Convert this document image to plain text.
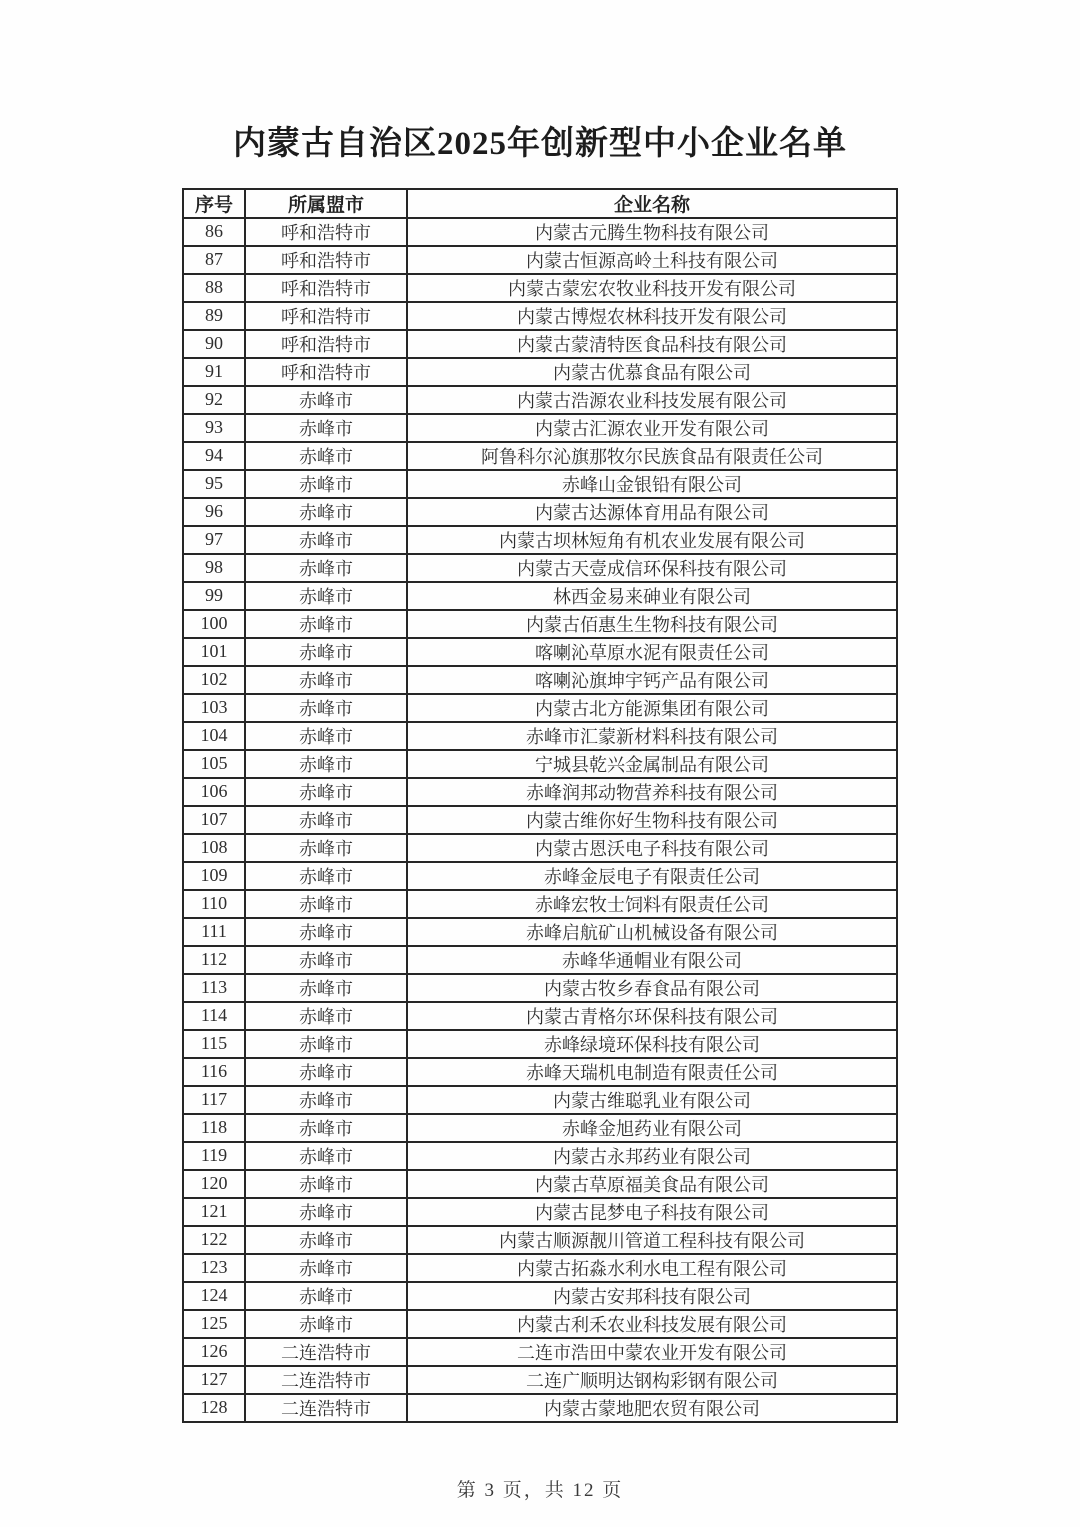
内蒙古自治区2025年创新型中小企业名单
序号	所属盟市	企业名称
86	呼和浩特市	内蒙古元腾生物科技有限公司
87	呼和浩特市	内蒙古恒源高岭土科技有限公司
88	呼和浩特市	内蒙古蒙宏农牧业科技开发有限公司
89	呼和浩特市	内蒙古博煜农林科技开发有限公司
90	呼和浩特市	内蒙古蒙清特医食品科技有限公司
91	呼和浩特市	内蒙古优慕食品有限公司
92	赤峰市	内蒙古浩源农业科技发展有限公司
93	赤峰市	内蒙古汇源农业开发有限公司
94	赤峰市	阿鲁科尔沁旗那牧尔民族食品有限责任公司
95	赤峰市	赤峰山金银铅有限公司
96	赤峰市	内蒙古达源体育用品有限公司
97	赤峰市	内蒙古坝林短角有机农业发展有限公司
98	赤峰市	内蒙古天壹成信环保科技有限公司
99	赤峰市	林西金易来砷业有限公司
100	赤峰市	内蒙古佰惠生生物科技有限公司
101	赤峰市	喀喇沁草原水泥有限责任公司
102	赤峰市	喀喇沁旗坤宇钙产品有限公司
103	赤峰市	内蒙古北方能源集团有限公司
104	赤峰市	赤峰市汇蒙新材料科技有限公司
105	赤峰市	宁城县乾兴金属制品有限公司
106	赤峰市	赤峰润邦动物营养科技有限公司
107	赤峰市	内蒙古维你好生物科技有限公司
108	赤峰市	内蒙古恩沃电子科技有限公司
109	赤峰市	赤峰金辰电子有限责任公司
110	赤峰市	赤峰宏牧士饲料有限责任公司
111	赤峰市	赤峰启航矿山机械设备有限公司
112	赤峰市	赤峰华通帽业有限公司
113	赤峰市	内蒙古牧乡春食品有限公司
114	赤峰市	内蒙古青格尔环保科技有限公司
115	赤峰市	赤峰绿境环保科技有限公司
116	赤峰市	赤峰天瑞机电制造有限责任公司
117	赤峰市	内蒙古维聪乳业有限公司
118	赤峰市	赤峰金旭药业有限公司
119	赤峰市	内蒙古永邦药业有限公司
120	赤峰市	内蒙古草原福美食品有限公司
121	赤峰市	内蒙古昆梦电子科技有限公司
122	赤峰市	内蒙古顺源靓川管道工程科技有限公司
123	赤峰市	内蒙古拓淼水利水电工程有限公司
124	赤峰市	内蒙古安邦科技有限公司
125	赤峰市	内蒙古利禾农业科技发展有限公司
126	二连浩特市	二连市浩田中蒙农业开发有限公司
127	二连浩特市	二连广顺明达钢构彩钢有限公司
128	二连浩特市	内蒙古蒙地肥农贸有限公司
第 3 页，共 12 页
